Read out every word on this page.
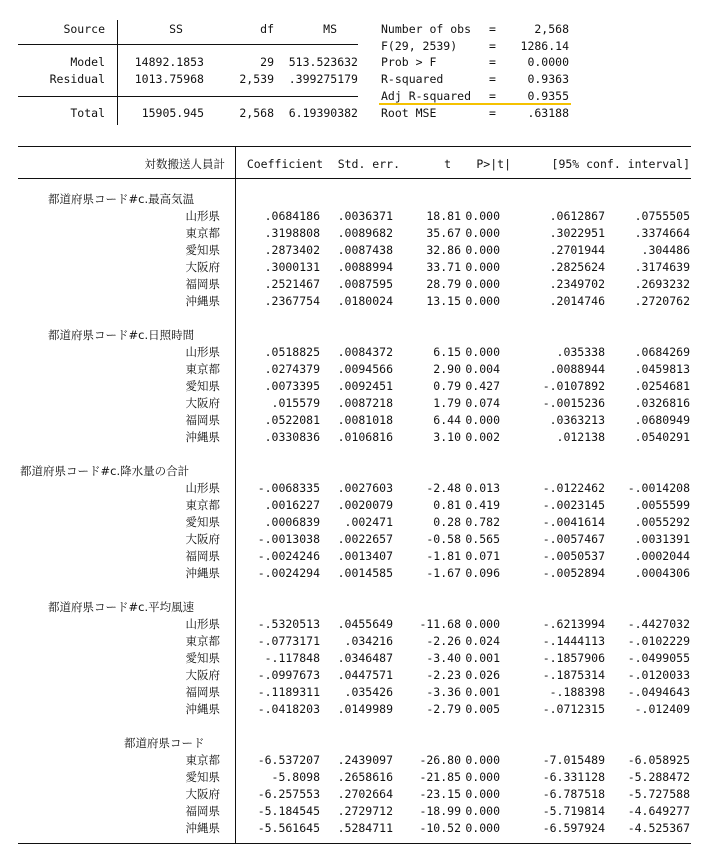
Source	SS	df	MS
Model	14892.1853	29	513.523632
Residual	1013.75968	2,539	.399275179
Total	15905.945	2,568	6.19390382
Number of obs =	2,568
F(29, 2539)	=	1286.14
Prob > F	=	0.0000
R-squared	=	0.9363
Adj R-squared =	0.9355
Root MSE	=	.63188
対数搬送人員計	Coefficient	Std. err.	t	P>|t|	[95% conf. interval]
都道府県コード#c.最高気温
山形県	.0684186	.0036371	18.81 0.000	.0612867	.0755505
東京都	.3198808	.0089682	35.67 0.000	.3022951	.3374664
愛知県	.2873402	.0087438	32.86 0.000	.2701944	.304486
大阪府	.3000131	.0088994	33.71 0.000	.2825624	.3174639
福岡県	.2521467	.0087595	28.79 0.000	.2349702	.2693232
沖縄県	.2367754	.0180024	13.15 0.000	.2014746	.2720762
都道府県コード#c.日照時間
山形県	.0518825	.0084372	6.15 0.000	.035338	.0684269
東京都	.0274379	.0094566	2.90 0.004	.0088944	.0459813
愛知県	.0073395	.0092451	0.79 0.427	-.0107892	.0254681
大阪府	.015579	.0087218	1.79 0.074	-.0015236	.0326816
福岡県	.0522081	.0081018	6.44 0.000	.0363213	.0680949
沖縄県	.0330836	.0106816	3.10 0.002	.012138	.0540291
都道府県コード#c.降水量の合計
山形県	-.0068335	.0027603	-2.48 0.013	-.0122462	-.0014208
東京都	.0016227	.0020079	0.81 0.419	-.0023145	.0055599
愛知県	.0006839	.002471	0.28 0.782	-.0041614	.0055292
大阪府	-.0013038	.0022657	-0.58 0.565	-.0057467	.0031391
福岡県	-.0024246	.0013407	-1.81 0.071	-.0050537	.0002044
沖縄県	-.0024294	.0014585	-1.67 0.096	-.0052894	.0004306
都道府県コード#c.平均風速
山形県	-.5320513	.0455649	-11.68 0.000	-.6213994	-.4427032
東京都	-.0773171	.034216	-2.26 0.024	-.1444113	-.0102229
愛知県	-.117848	.0346487	-3.40 0.001	-.1857906	-.0499055
大阪府	-.0997673	.0447571	-2.23 0.026	-.1875314	-.0120033
福岡県	-.1189311	.035426	-3.36 0.001	-.188398	-.0494643
沖縄県	-.0418203	.0149989	-2.79 0.005	-.0712315	-.012409
都道府県コード
東京都	-6.537207	.2439097	-26.80 0.000	-7.015489	-6.058925
愛知県	-5.8098	.2658616	-21.85 0.000	-6.331128	-5.288472
大阪府	-6.257553	.2702664	-23.15 0.000	-6.787518	-5.727588
福岡県	-5.184545	.2729712	-18.99 0.000	-5.719814	-4.649277
沖縄県	-5.561645	.5284711	-10.52 0.000	-6.597924	-4.525367
